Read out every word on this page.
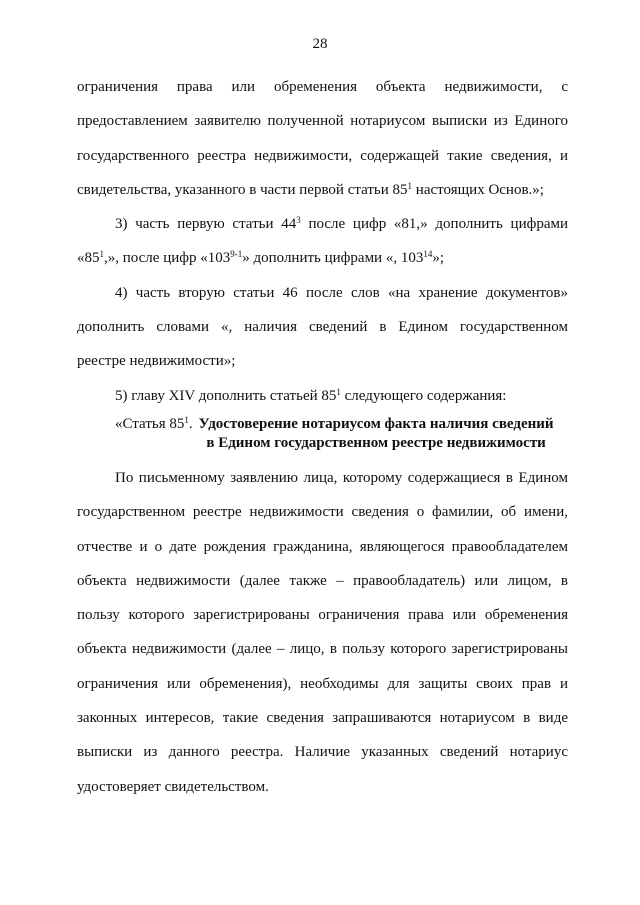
28
ограничения права или обременения объекта недвижимости, с
предоставлением заявителю полученной нотариусом выписки из Единого
государственного реестра недвижимости, содержащей такие сведения, и
свидетельства, указанного в части первой статьи $85^1$ настоящих Основ.»;
3) часть первую статьи $44^3$ после цифр «81,» дополнить цифрами
«$85^1$,», после цифр «103$^{9-1}$» дополнить цифрами «, $103^{14}$»;
4) часть вторую статьи 46 после слов «на хранение документов»
дополнить словами «, наличия сведений в Едином государственном
реестре недвижимости»;
5) главу XIV дополнить статьей $85^1$ следующего содержания:
«Статья $85^1$. Удостоверение нотариусом факта наличия сведений
в Едином государственном реестре недвижимости
По письменному заявлению лица, которому содержащиеся в Едином
государственном реестре недвижимости сведения о фамилии, об имени,
отчестве и о дате рождения гражданина, являющегося правообладателем
объекта недвижимости (далее также – правообладатель) или лицом, в
пользу которого зарегистрированы ограничения права или обременения
объекта недвижимости (далее – лицо, в пользу которого зарегистрированы
ограничения или обременения), необходимы для защиты своих прав и
законных интересов, такие сведения запрашиваются нотариусом в виде
выписки из данного реестра. Наличие указанных сведений нотариус
удостоверяет свидетельством.
